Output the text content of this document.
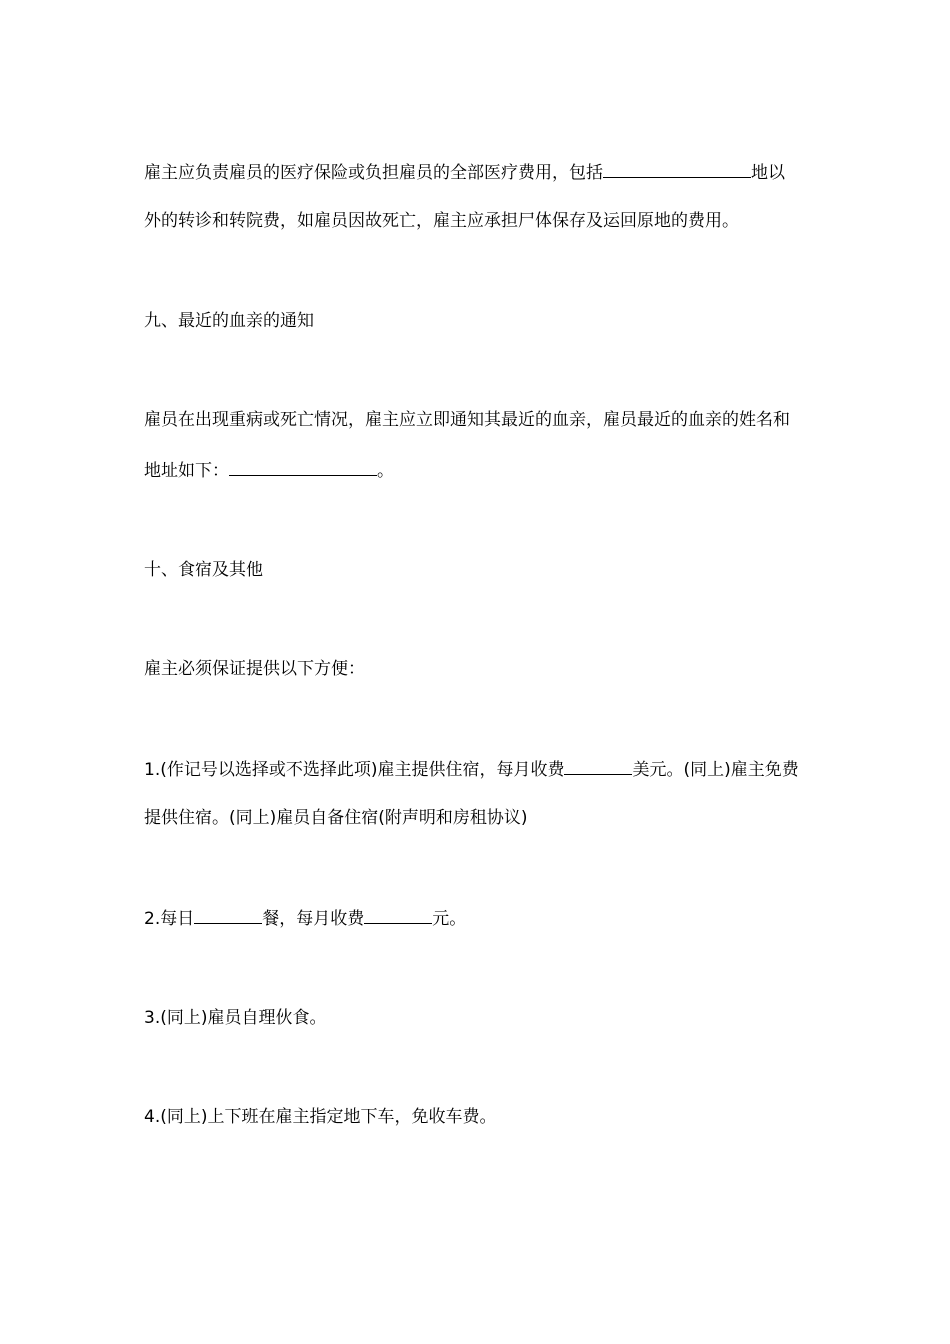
雇主应负责雇员的医疗保险或负担雇员的全部医疗费用，包括	地以
外的转诊和转院费，如雇员因故死亡，雇主应承担尸体保存及运回原地的费用。
九、最近的血亲的通知
雇员在出现重病或死亡情况，雇主应立即通知其最近的血亲，雇员最近的血亲的姓名和
地址如下：	。
十、食宿及其他
雇主必须保证提供以下方便：
1.(作记号以选择或不选择此项)雇主提供住宿，每月收费	美元。(同上)雇主免费
提供住宿。(同上)雇员自备住宿(附声明和房租协议)
2.每日	餐，每月收费	元。
3.(同上)雇员自理伙食。
4.(同上)上下班在雇主指定地下车，免收车费。
